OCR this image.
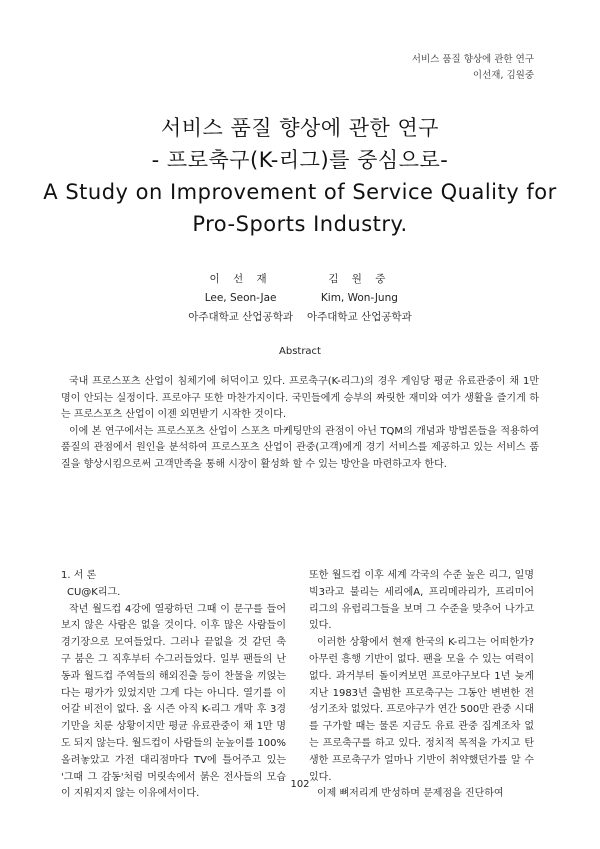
서비스 품질 향상에 관한 연구
이선재, 김원중
서비스 품질 향상에 관한 연구
- 프로축구(K-리그)를 중심으로-
A Study on Improvement of Service Quality for
Pro-Sports Industry.
이 선 재
Lee, Seon-Jae
아주대학교 산업공학과
김 원 중
Kim, Won-Jung
아주대학교 산업공학과
Abstract

국내 프로스포츠 산업이 침체기에 허덕이고 있다. 프로축구(K-리그)의 경우 게임당 평균 유료관중이 채 1만명이 안되는 실정이다. 프로야구 또한 마찬가지이다. 국민들에게 승부의 짜릿한 재미와 여가 생활을 즐기게 하는 프로스포츠 산업이 이젠 외면받기 시작한 것이다.

이에 본 연구에서는 프로스포츠 산업이 스포츠 마케팅만의 관점이 아닌 TQM의 개념과 방법론들을 적용하여 품질의 관점에서 원인을 분석하여 프로스포츠 산업이 관중(고객)에게 경기 서비스를 제공하고 있는 서비스 품질을 향상시킴으로써 고객만족을 통해 시장이 활성화 할 수 있는 방안을 마련하고자 한다.

1. 서 론
CU@K리그.

작년 월드컵 4강에 열광하던 그때 이 문구를 들어보지 않은 사람은 없을 것이다. 이후 많은 사람들이 경기장으로 모여들었다. 그러나 끝없을 것 같던 축구 붐은 그 직후부터 수그러들었다. 일부 팬들의 난동과 월드컵 주역들의 해외진출 등이 찬물을 끼얹는다는 평가가 있었지만 그게 다는 아니다. 열기를 이어갈 비전이 없다. 올 시즌 아직 K-리그 개막 후 3경기만을 치룬 상황이지만 평균 유료관중이 채 1만 명도 되지 않는다. 월드컵이 사람들의 눈높이를 100% 올려놓았고 가전 대리점마다 TV에 틀어주고 있는 '그때 그 감동'처럼 머릿속에서 붉은 전사들의 모습이 지워지지 않는 이유에서이다.

또한 월드컵 이후 세계 각국의 수준 높은 리그, 일명 빅3라고 불리는 세리에A, 프리메라리가, 프리미어리그의 유럽리그들을 보며 그 수준을 맞추어 나가고 있다.

이러한 상황에서 현재 한국의 K-리그는 어떠한가? 아무런 흥행 기반이 없다. 팬을 모을 수 있는 여력이 없다. 과거부터 돌이켜보면 프로야구보다 1년 늦게 지난 1983년 출범한 프로축구는 그동안 변변한 전성기조차 없었다. 프로야구가 연간 500만 관중 시대를 구가할 때는 물론 지금도 유료 관중 집계조차 없는 프로축구를 하고 있다. 정치적 목적을 가지고 탄생한 프로축구가 얼마나 기반이 취약했던가를 알 수 있다.

이제 뼈저리게 반성하며 문제점을 진단하여

102
